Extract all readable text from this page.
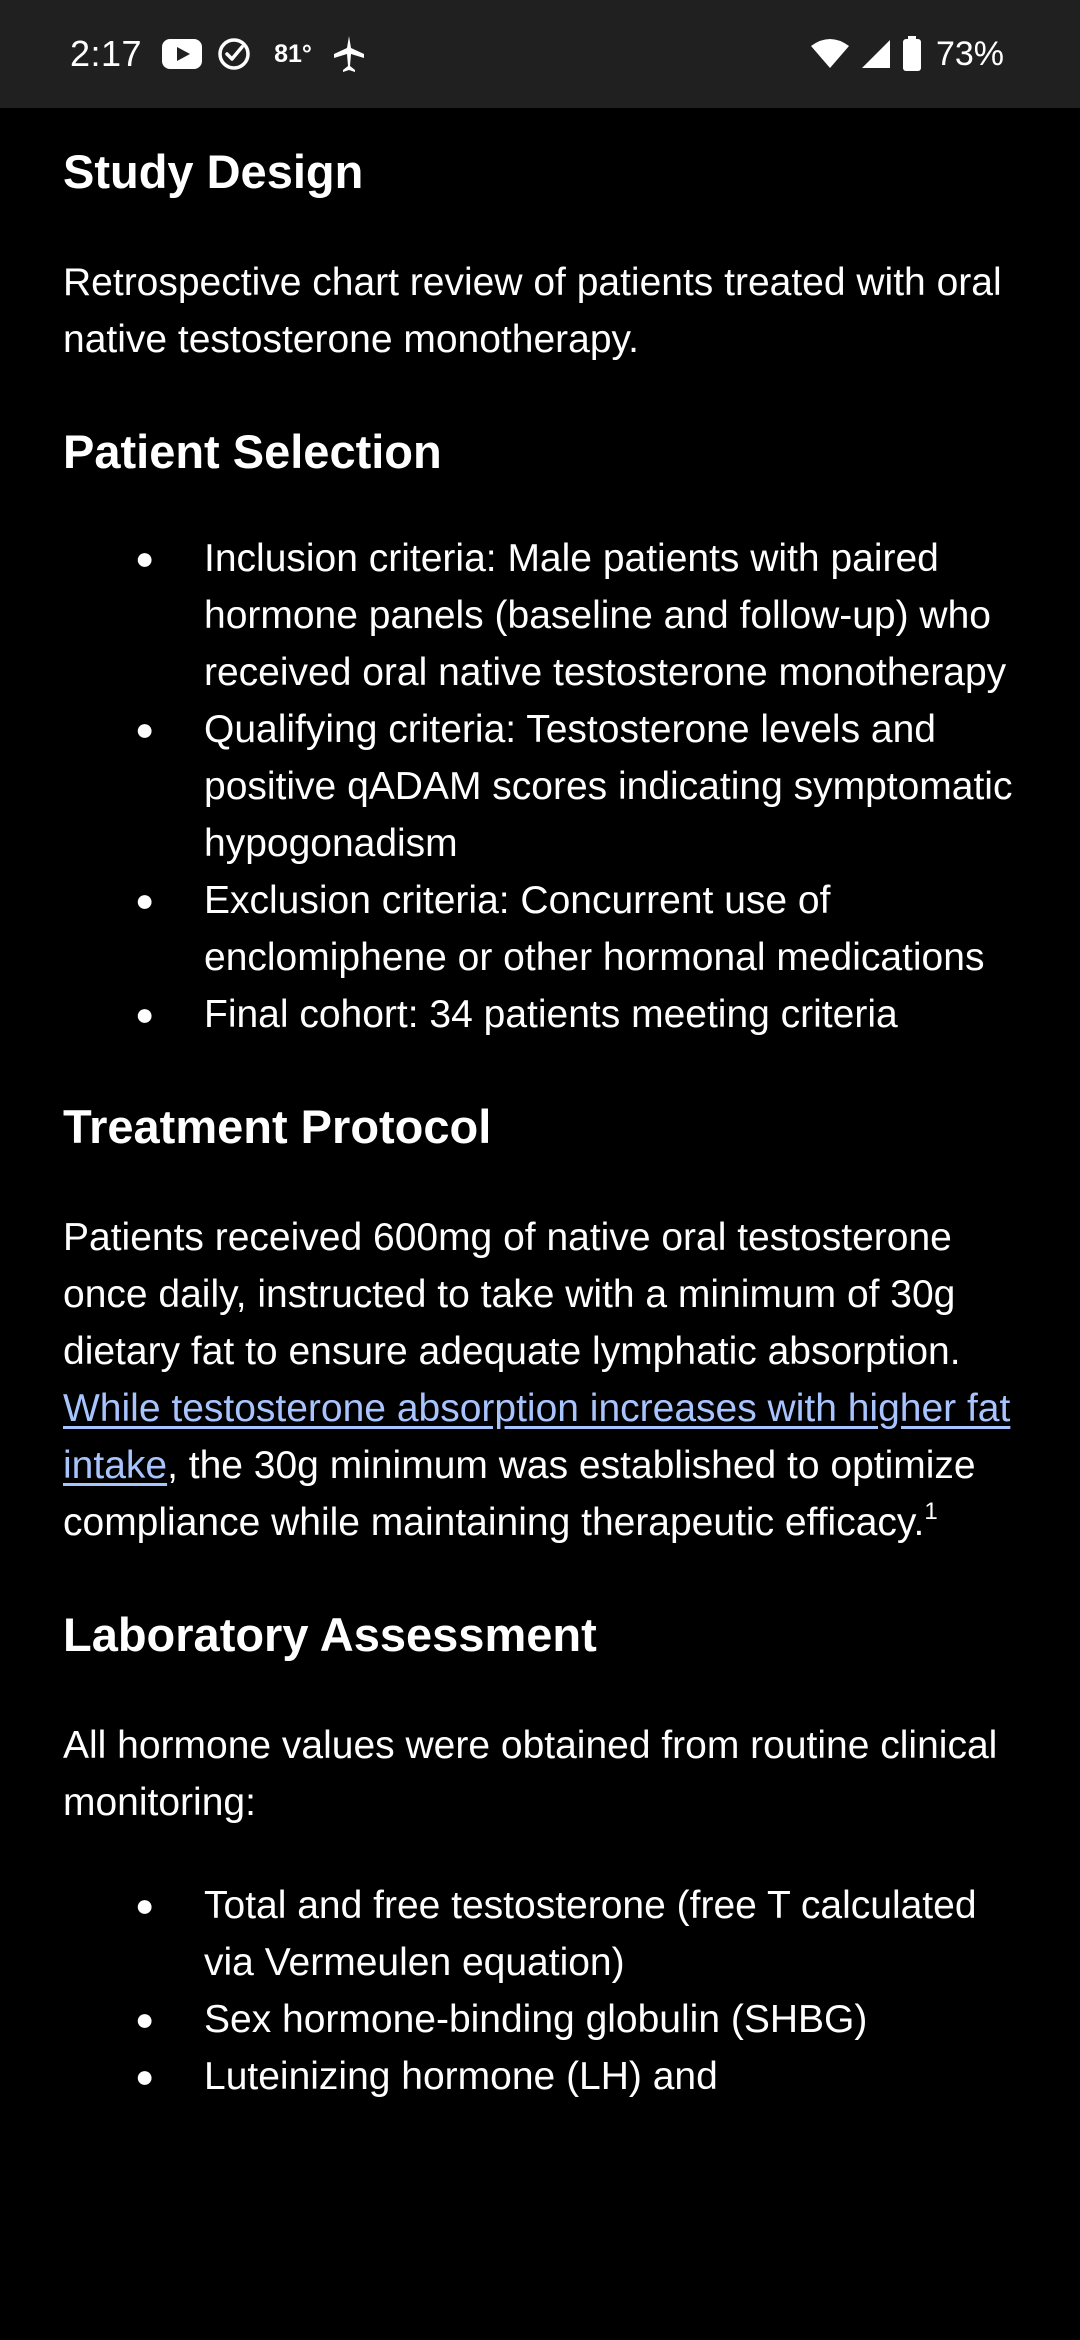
2:17	81°	73%
Study Design

Retrospective chart review of patients treated with oral native testosterone monotherapy.

Patient Selection
● Inclusion criteria: Male patients with paired hormone panels (baseline and follow-up) who received oral native testosterone monotherapy
● Qualifying criteria: Testosterone levels and positive qADAM scores indicating symptomatic hypogonadism
● Exclusion criteria: Concurrent use of enclomiphene or other hormonal medications
● Final cohort: 34 patients meeting criteria
Treatment Protocol

Patients received 600mg of native oral testosterone once daily, instructed to take with a minimum of 30g dietary fat to ensure adequate lymphatic absorption. While testosterone absorption increases with higher fat intake, the 30g minimum was established to optimize compliance while maintaining therapeutic efficacy.$^1$

Laboratory Assessment

All hormone values were obtained from routine clinical monitoring:

● Total and free testosterone (free T calculated via Vermeulen equation)
● Sex hormone-binding globulin (SHBG)
● Luteinizing hormone (LH) and
